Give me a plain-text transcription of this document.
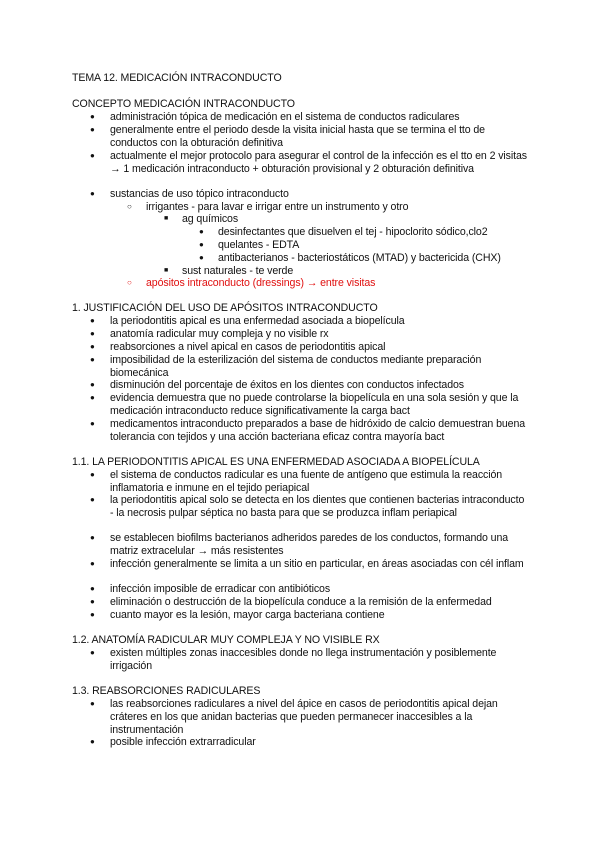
TEMA 12. MEDICACIÓN INTRACONDUCTO
CONCEPTO MEDICACIÓN INTRACONDUCTO
● administración tópica de medicación en el sistema de conductos radiculares
● generalmente entre el periodo desde la visita inicial hasta que se termina el tto de conductos con la obturación definitiva
● actualmente el mejor protocolo para asegurar el control de la infección es el tto en 2 visitas → 1 medicación intraconducto + obturación provisional y 2 obturación definitiva
● sustancias de uso tópico intraconducto
○ irrigantes - para lavar e irrigar entre un instrumento y otro
■ ag químicos
● desinfectantes que disuelven el tej - hipoclorito sódico,clo2
● quelantes - EDTA
● antibacterianos - bacteriostáticos (MTAD) y bactericida (CHX)
■ sust naturales - te verde
○ apósitos intraconducto (dressings) → entre visitas
1. JUSTIFICACIÓN DEL USO DE APÓSITOS INTRACONDUCTO
● la periodontitis apical es una enfermedad asociada a biopelícula
● anatomía radicular muy compleja y no visible rx
● reabsorciones a nivel apical en casos de periodontitis apical
● imposibilidad de la esterilización del sistema de conductos mediante preparación biomecánica
● disminución del porcentaje de éxitos en los dientes con conductos infectados
● evidencia demuestra que no puede controlarse la biopelícula en una sola sesión y que la medicación intraconducto reduce significativamente la carga bact
● medicamentos intraconducto preparados a base de hidróxido de calcio demuestran buena tolerancia con tejidos y una acción bacteriana eficaz contra mayoría bact
1.1. LA PERIODONTITIS APICAL ES UNA ENFERMEDAD ASOCIADA A BIOPELÍCULA
● el sistema de conductos radicular es una fuente de antígeno que estimula la reacción inflamatoria e inmune en el tejido periapical
● la periodontitis apical solo se detecta en los dientes que contienen bacterias intraconducto - la necrosis pulpar séptica no basta para que se produzca inflam periapical
● se establecen biofilms bacterianos adheridos paredes de los conductos, formando una matriz extracelular → más resistentes
● infección generalmente se limita a un sitio en particular, en áreas asociadas con cél inflam
● infección imposible de erradicar con antibióticos
● eliminación o destrucción de la biopelícula conduce a la remisión de la enfermedad
● cuanto mayor es la lesión, mayor carga bacteriana contiene
1.2. ANATOMÍA RADICULAR MUY COMPLEJA Y NO VISIBLE RX
● existen múltiples zonas inaccesibles donde no llega instrumentación y posiblemente irrigación
1.3. REABSORCIONES RADICULARES
● las reabsorciones radiculares a nivel del ápice en casos de periodontitis apical dejan cráteres en los que anidan bacterias que pueden permanecer inaccesibles a la instrumentación
● posible infección extrarradicular
